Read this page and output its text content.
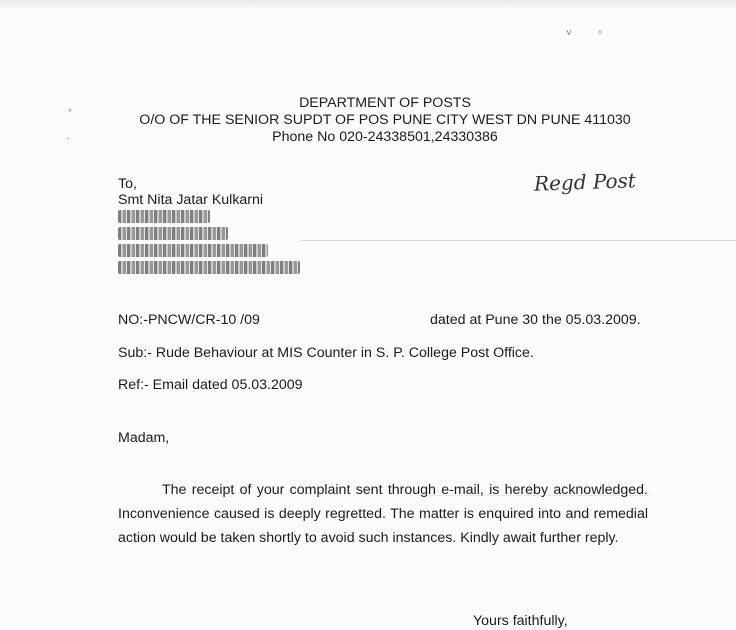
°
·
˅	°
DEPARTMENT OF POSTS
O/O OF THE SENIOR SUPDT OF POS PUNE CITY WEST DN PUNE 411030
Phone No 020-24338501,24330386
Regd Post
To,
Smt Nita Jatar Kulkarni
NO:-PNCW/CR-10 /09	dated at Pune 30 the 05.03.2009.
Sub:- Rude Behaviour at MIS Counter in S. P. College Post Office.
Ref:- Email dated 05.03.2009
Madam,
The receipt of your complaint sent through e-mail, is hereby acknowledged. Inconvenience caused is deeply regretted. The matter is enquired into and remedial action would be taken shortly to avoid such instances. Kindly await further reply.
Yours faithfully,
